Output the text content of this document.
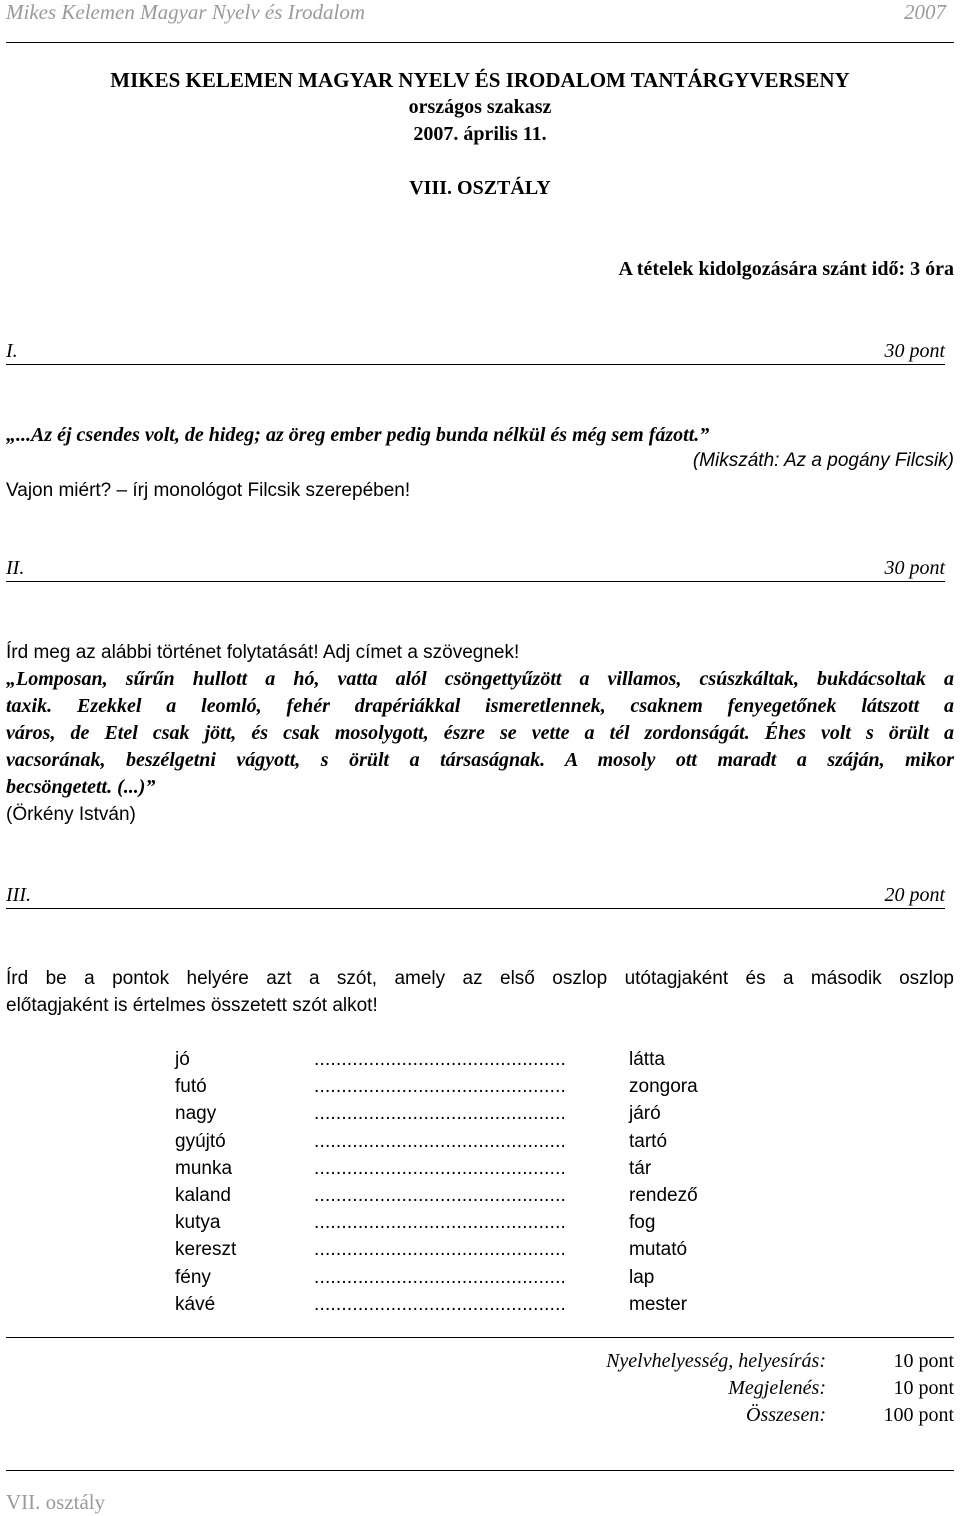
Mikes Kelemen Magyar Nyelv és Irodalom	2007
MIKES KELEMEN MAGYAR NYELV ÉS IRODALOM TANTÁRGYVERSENY
országos szakasz
2007. április 11.
VIII. OSZTÁLY
A tételek kidolgozására szánt idő: 3 óra
I.	30 pont
„...Az éj csendes volt, de hideg; az öreg ember pedig bunda nélkül és még sem fázott.”
(Mikszáth: Az a pogány Filcsik)
Vajon miért? – írj monológot Filcsik szerepében!
II.	30 pont
Írd meg az alábbi történet folytatását! Adj címet a szövegnek!
„Lomposan, sűrűn hullott a hó, vatta alól csöngettyűzött a villamos, csúszkáltak, bukdácsoltak a
taxik. Ezekkel a leomló, fehér drapériákkal ismeretlennek, csaknem fenyegetőnek látszott a
város, de Etel csak jött, és csak mosolygott, észre se vette a tél zordonságát. Éhes volt s örült a
vacsorának, beszélgetni vágyott, s örült a társaságnak. A mosoly ott maradt a száján, mikor
becsöngetett. (...)”
(Örkény István)
III.	20 pont
Írd be a pontok helyére azt a szót, amely az első oszlop utótagjaként és a második oszlop
előtagjaként is értelmes összetett szót alkot!
jó	..............................................	látta
futó	..............................................	zongora
nagy	..............................................	járó
gyújtó	..............................................	tartó
munka	..............................................	tár
kaland	..............................................	rendező
kutya	..............................................	fog
kereszt	..............................................	mutató
fény	..............................................	lap
kávé	..............................................	mester
Nyelvhelyesség, helyesírás:	10 pont
Megjelenés:	10 pont
Összesen:	100 pont
VII. osztály
